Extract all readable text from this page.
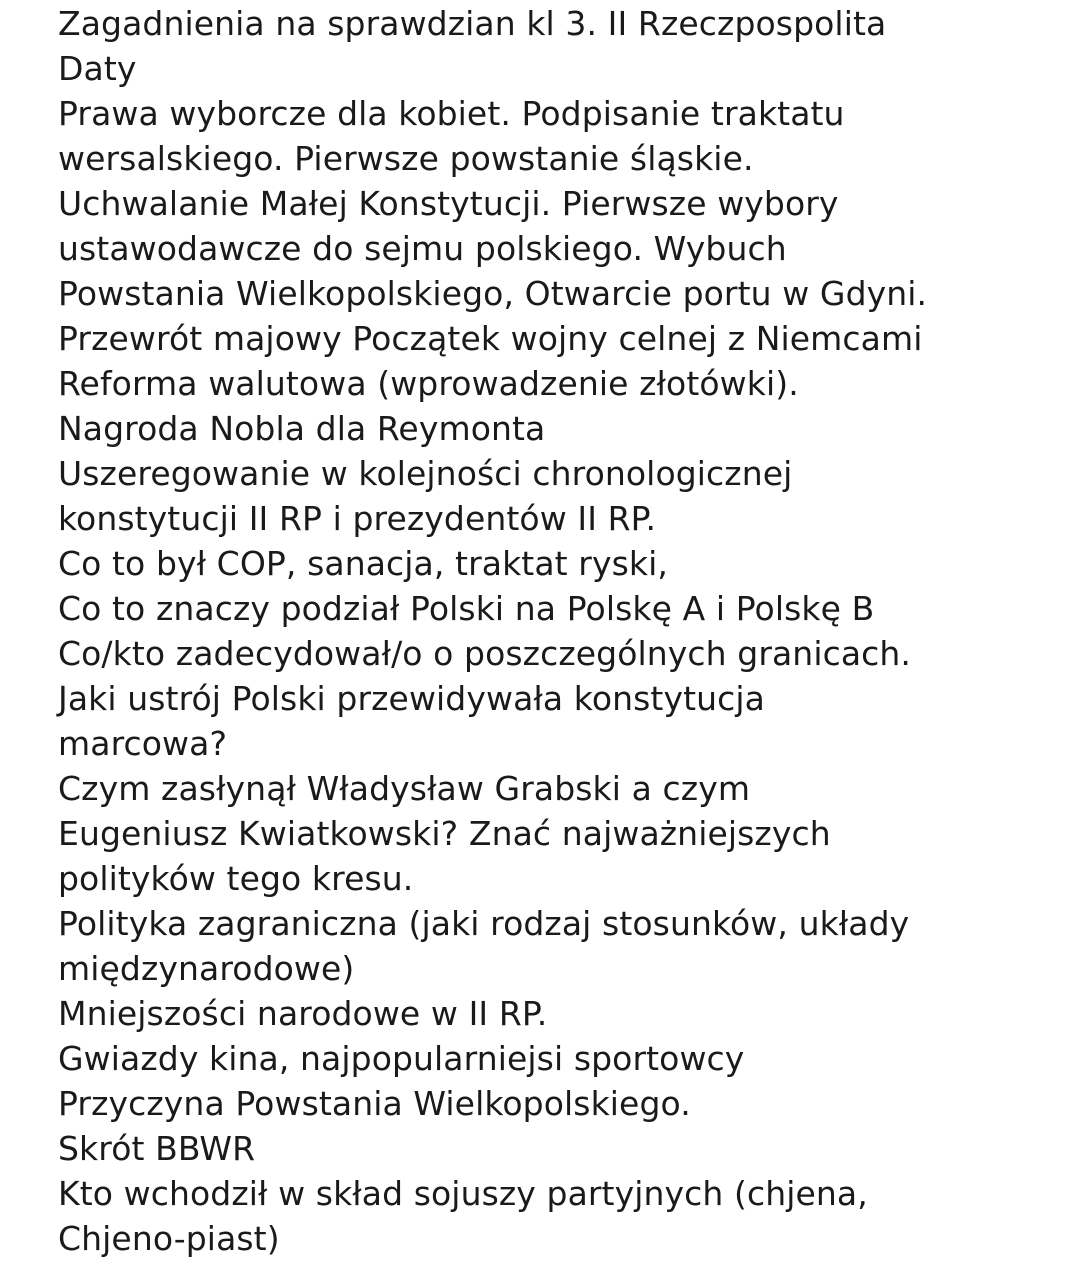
Zagadnienia na sprawdzian kl 3. II Rzeczpospolita
Daty
Prawa wyborcze dla kobiet. Podpisanie traktatu
wersalskiego. Pierwsze powstanie śląskie.
Uchwalanie Małej Konstytucji. Pierwsze wybory
ustawodawcze do sejmu polskiego. Wybuch
Powstania Wielkopolskiego, Otwarcie portu w Gdyni.
Przewrót majowy Początek wojny celnej z Niemcami
Reforma walutowa (wprowadzenie złotówki).
Nagroda Nobla dla Reymonta
Uszeregowanie w kolejności chronologicznej
konstytucji II RP i prezydentów II RP.
Co to był COP, sanacja, traktat ryski,
Co to znaczy podział Polski na Polskę A i Polskę B
Co/kto zadecydował/o o poszczególnych granicach.
Jaki ustrój Polski przewidywała konstytucja
marcowa?
Czym zasłynął Władysław Grabski a czym
Eugeniusz Kwiatkowski? Znać najważniejszych
polityków tego kresu.
Polityka zagraniczna (jaki rodzaj stosunków, układy
międzynarodowe)
Mniejszości narodowe w II RP.
Gwiazdy kina, najpopularniejsi sportowcy
Przyczyna Powstania Wielkopolskiego.
Skrót BBWR
Kto wchodził w skład sojuszy partyjnych (chjena,
Chjeno-piast)
